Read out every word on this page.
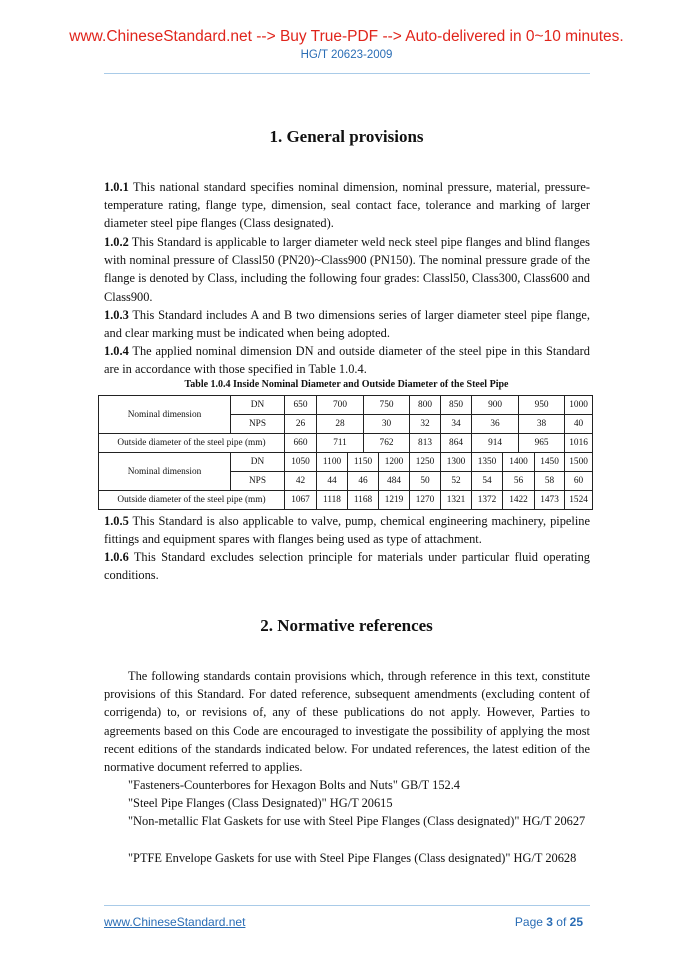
www.ChineseStandard.net --> Buy True-PDF --> Auto-delivered in 0~10 minutes.
HG/T 20623-2009
1. General provisions
1.0.1 This national standard specifies nominal dimension, nominal pressure, material, pressure-temperature rating, flange type, dimension, seal contact face, tolerance and marking of larger diameter steel pipe flanges (Class designated).
1.0.2 This Standard is applicable to larger diameter weld neck steel pipe flanges and blind flanges with nominal pressure of Classl50 (PN20)~Class900 (PN150). The nominal pressure grade of the flange is denoted by Class, including the following four grades: Classl50, Class300, Class600 and Class900.
1.0.3 This Standard includes A and B two dimensions series of larger diameter steel pipe flange, and clear marking must be indicated when being adopted.
1.0.4 The applied nominal dimension DN and outside diameter of the steel pipe in this Standard are in accordance with those specified in Table 1.0.4.
Table 1.0.4 Inside Nominal Diameter and Outside Diameter of the Steel Pipe
Nominal dimension	DN	650	700		750		800	850	900		950		1000
	NPS	26	28		30		32	34	36		38		40
Outside diameter of the steel pipe (mm)		660	711		762		813	864	914		965		1016
Nominal dimension	DN	1050	1100	1150		1200	1250	1300	1350	1400		1450	1500
	NPS	42	44	46		484	50	52	54	56		58	60
Outside diameter of the steel pipe (mm)		1067	1118	1168		1219	1270	1321	1372	1422		1473	1524
1.0.5 This Standard is also applicable to valve, pump, chemical engineering machinery, pipeline fittings and equipment spares with flanges being used as type of attachment.
1.0.6 This Standard excludes selection principle for materials under particular fluid operating conditions.
2. Normative references
The following standards contain provisions which, through reference in this text, constitute provisions of this Standard. For dated reference, subsequent amendments (excluding content of corrigenda) to, or revisions of, any of these publications do not apply. However, Parties to agreements based on this Code are encouraged to investigate the possibility of applying the most recent editions of the standards indicated below. For undated references, the latest edition of the normative document referred to applies.
"Fasteners-Counterbores for Hexagon Bolts and Nuts" GB/T 152.4
"Steel Pipe Flanges (Class Designated)" HG/T 20615
"Non-metallic Flat Gaskets for use with Steel Pipe Flanges (Class designated)" HG/T 20627
"PTFE Envelope Gaskets for use with Steel Pipe Flanges (Class designated)" HG/T 20628
www.ChineseStandard.net	Page 3 of 25
